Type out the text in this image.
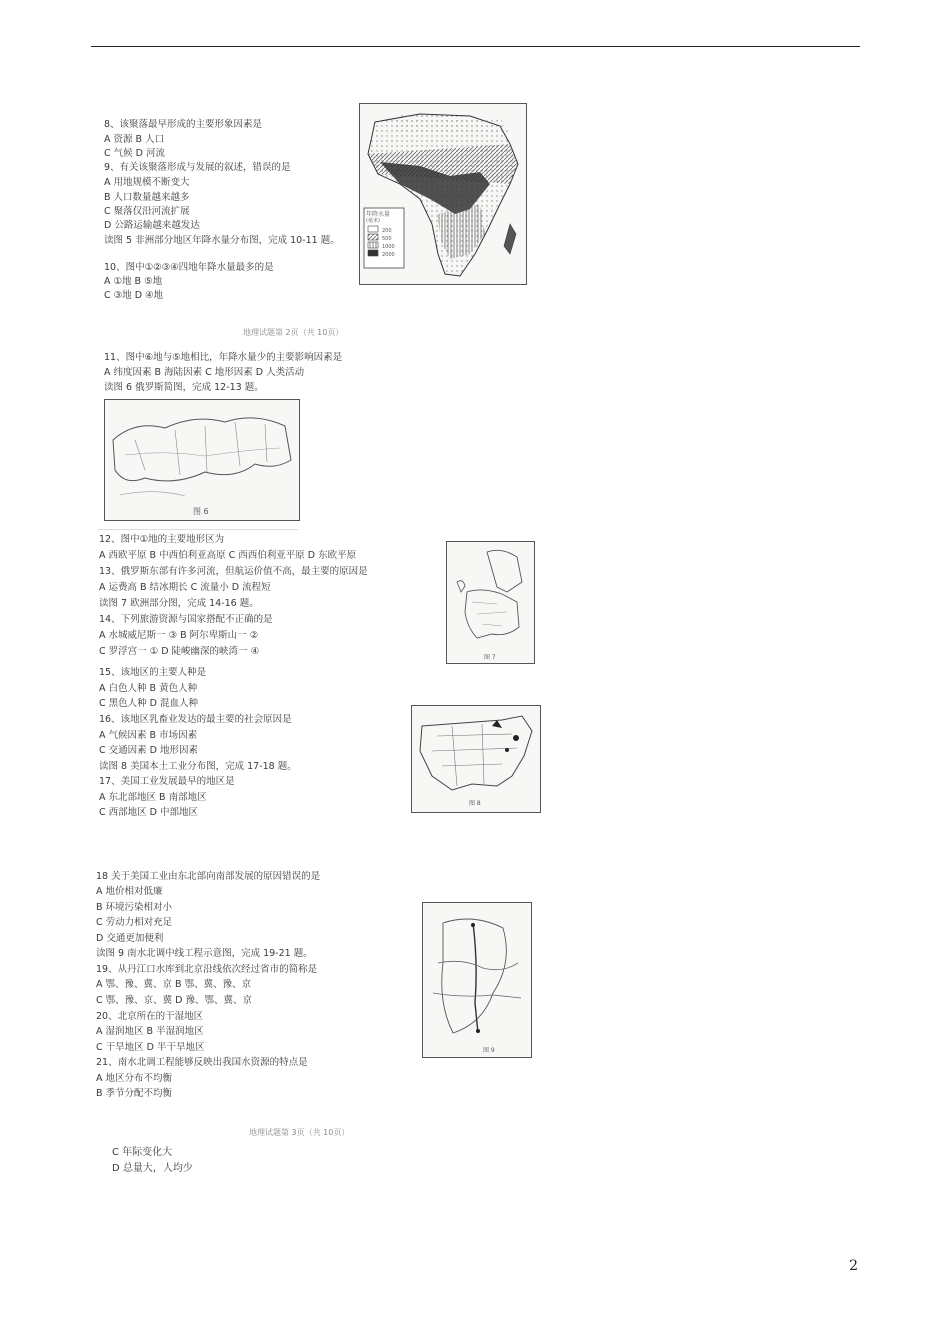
8、该聚落最早形成的主要形象因素是
A 资源 B 人口
C 气候 D 河流
9、有关该聚落形成与发展的叙述，错误的是
A 用地规模不断变大
B 人口数量越来越多
C 聚落仅沿河流扩展
D 公路运输越来越发达
读图 5 非洲部分地区年降水量分布图，完成 10-11 题。
10、图中①②③④四地年降水量最多的是
A ①地 B ⑤地
C ③地 D ④地
地理试题第 2页（共 10页）
11、图中⑥地与⑤地相比，年降水量少的主要影响因素是
A 纬度因素 B 海陆因素 C 地形因素 D 人类活动
读图 6 俄罗斯简图，完成 12-13 题。
12、图中①地的主要地形区为
A 西欧平原 B 中西伯利亚高原 C 西西伯利亚平原 D 东欧平原
13、俄罗斯东部有许多河流，但航运价值不高，最主要的原因是
A 运费高 B 结冰期长 C 流量小 D 流程短
读图 7 欧洲部分图，完成 14-16 题。
14、下列旅游资源与国家搭配不正确的是
A 水城威尼斯一 ③ B 阿尔卑斯山一 ②
C 罗浮宫一 ① D 陡峻幽深的峡湾一 ④
15、该地区的主要人种是
A 白色人种 B 黄色人种
C 黑色人种 D 混血人种
16、该地区乳畜业发达的最主要的社会原因是
A 气候因素 B 市场因素
C 交通因素 D 地形因素
读图 8 美国本土工业分布图，完成 17-18 题。
17、美国工业发展最早的地区是
A 东北部地区 B 南部地区
C 西部地区 D 中部地区
18 关于美国工业由东北部向南部发展的原因错误的是
A 地价相对低廉
B 环境污染相对小
C 劳动力相对充足
D 交通更加便利
读图 9 南水北调中线工程示意图，完成 19-21 题。
19、从丹江口水库到北京沿线依次经过省市的简称是
A 鄂、豫、冀、京 B 鄂、冀、豫、京
C 鄂、豫、京、冀 D 豫、鄂、冀、京
20、北京所在的干湿地区
A 湿润地区 B 半湿润地区
C 干旱地区 D 半干旱地区
21、南水北调工程能够反映出我国水资源的特点是
A 地区分布不均衡
B 季节分配不均衡
地理试题第 3页（共 10页）
C 年际变化大
D 总量大，人均少
2
年降水量
(毫米)
200
500
1000
2000
图 6
图 7
图 8
图 9
